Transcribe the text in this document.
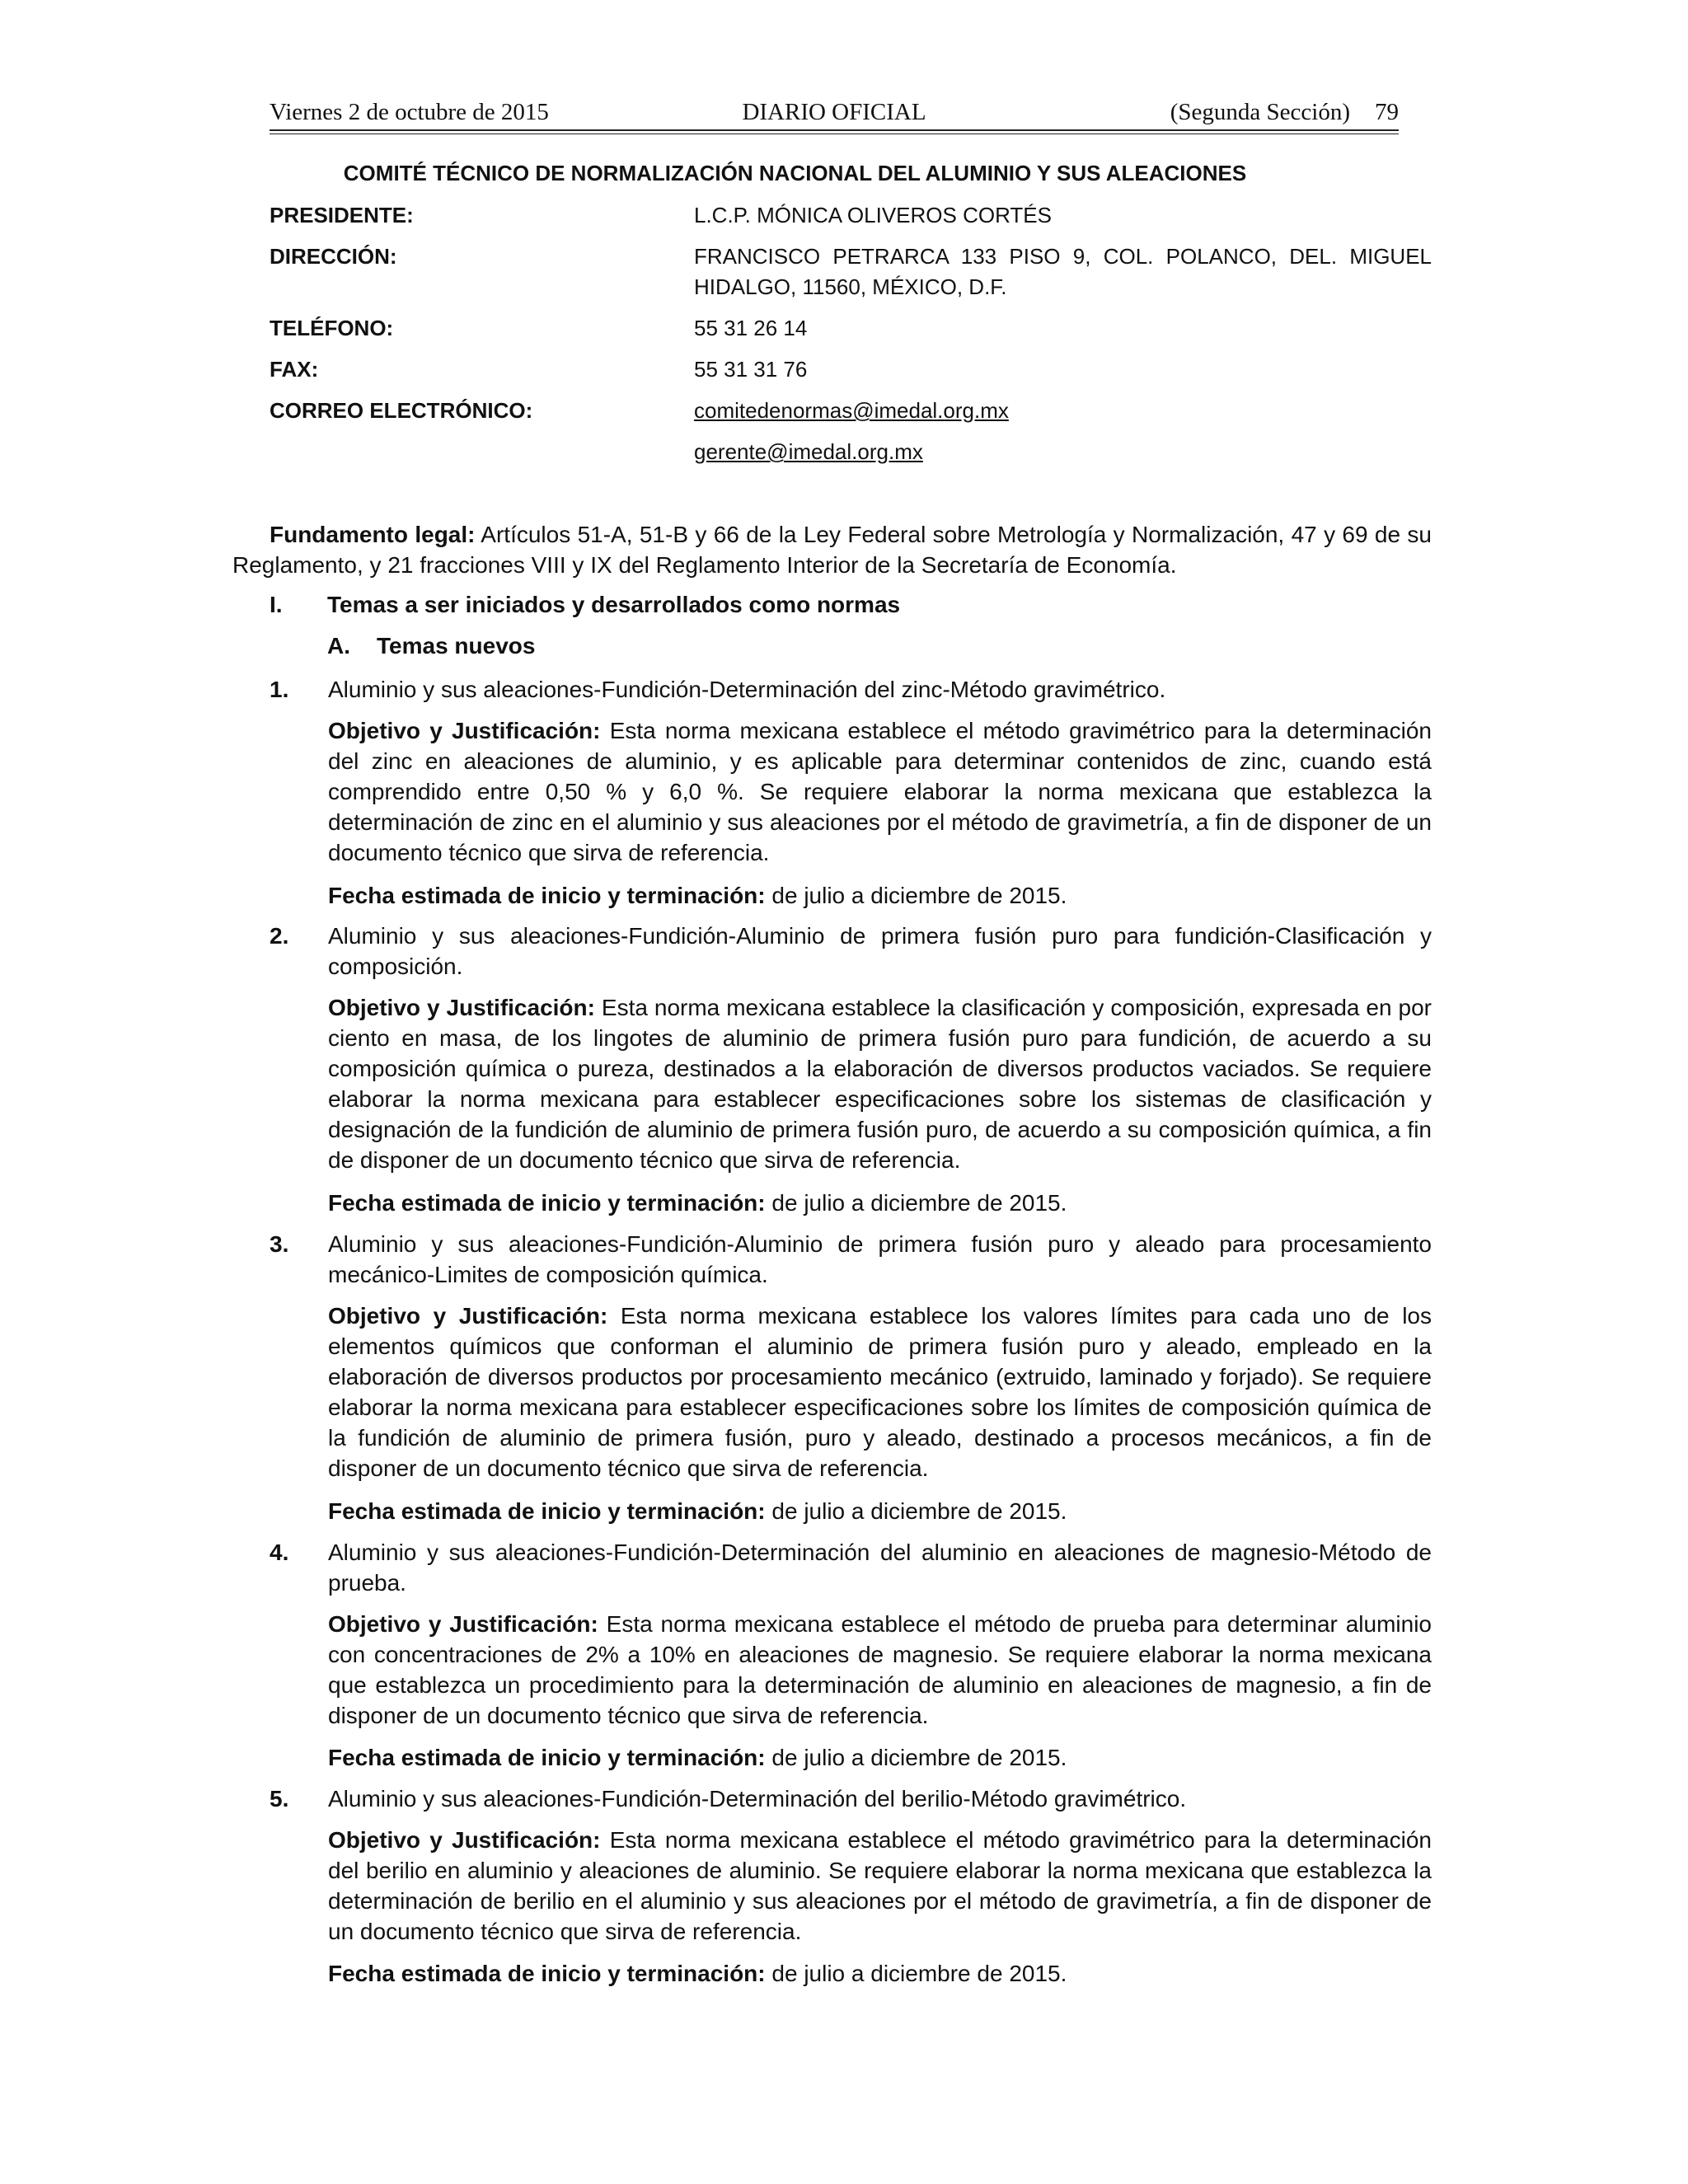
Viernes 2 de octubre de 2015	DIARIO OFICIAL	(Segunda Sección) 79
COMITÉ TÉCNICO DE NORMALIZACIÓN NACIONAL DEL ALUMINIO Y SUS ALEACIONES
PRESIDENTE:	L.C.P. MÓNICA OLIVEROS CORTÉS
DIRECCIÓN:	FRANCISCO PETRARCA 133 PISO 9, COL. POLANCO, DEL. MIGUEL HIDALGO, 11560, MÉXICO, D.F.
TELÉFONO:	55 31 26 14
FAX:	55 31 31 76
CORREO ELECTRÓNICO:	comitedenormas@imedal.org.mx
gerente@imedal.org.mx
Fundamento legal: Artículos 51-A, 51-B y 66 de la Ley Federal sobre Metrología y Normalización, 47 y 69 de su Reglamento, y 21 fracciones VIII y IX del Reglamento Interior de la Secretaría de Economía.
I. Temas a ser iniciados y desarrollados como normas
A. Temas nuevos
1. Aluminio y sus aleaciones-Fundición-Determinación del zinc-Método gravimétrico.
Objetivo y Justificación: Esta norma mexicana establece el método gravimétrico para la determinación del zinc en aleaciones de aluminio, y es aplicable para determinar contenidos de zinc, cuando está comprendido entre 0,50 % y 6,0 %. Se requiere elaborar la norma mexicana que establezca la determinación de zinc en el aluminio y sus aleaciones por el método de gravimetría, a fin de disponer de un documento técnico que sirva de referencia.
Fecha estimada de inicio y terminación: de julio a diciembre de 2015.
2. Aluminio y sus aleaciones-Fundición-Aluminio de primera fusión puro para fundición-Clasificación y composición.
Objetivo y Justificación: Esta norma mexicana establece la clasificación y composición, expresada en por ciento en masa, de los lingotes de aluminio de primera fusión puro para fundición, de acuerdo a su composición química o pureza, destinados a la elaboración de diversos productos vaciados. Se requiere elaborar la norma mexicana para establecer especificaciones sobre los sistemas de clasificación y designación de la fundición de aluminio de primera fusión puro, de acuerdo a su composición química, a fin de disponer de un documento técnico que sirva de referencia.
Fecha estimada de inicio y terminación: de julio a diciembre de 2015.
3. Aluminio y sus aleaciones-Fundición-Aluminio de primera fusión puro y aleado para procesamiento mecánico-Limites de composición química.
Objetivo y Justificación: Esta norma mexicana establece los valores límites para cada uno de los elementos químicos que conforman el aluminio de primera fusión puro y aleado, empleado en la elaboración de diversos productos por procesamiento mecánico (extruido, laminado y forjado). Se requiere elaborar la norma mexicana para establecer especificaciones sobre los límites de composición química de la fundición de aluminio de primera fusión, puro y aleado, destinado a procesos mecánicos, a fin de disponer de un documento técnico que sirva de referencia.
Fecha estimada de inicio y terminación: de julio a diciembre de 2015.
4. Aluminio y sus aleaciones-Fundición-Determinación del aluminio en aleaciones de magnesio-Método de prueba.
Objetivo y Justificación: Esta norma mexicana establece el método de prueba para determinar aluminio con concentraciones de 2% a 10% en aleaciones de magnesio. Se requiere elaborar la norma mexicana que establezca un procedimiento para la determinación de aluminio en aleaciones de magnesio, a fin de disponer de un documento técnico que sirva de referencia.
Fecha estimada de inicio y terminación: de julio a diciembre de 2015.
5. Aluminio y sus aleaciones-Fundición-Determinación del berilio-Método gravimétrico.
Objetivo y Justificación: Esta norma mexicana establece el método gravimétrico para la determinación del berilio en aluminio y aleaciones de aluminio. Se requiere elaborar la norma mexicana que establezca la determinación de berilio en el aluminio y sus aleaciones por el método de gravimetría, a fin de disponer de un documento técnico que sirva de referencia.
Fecha estimada de inicio y terminación: de julio a diciembre de 2015.
